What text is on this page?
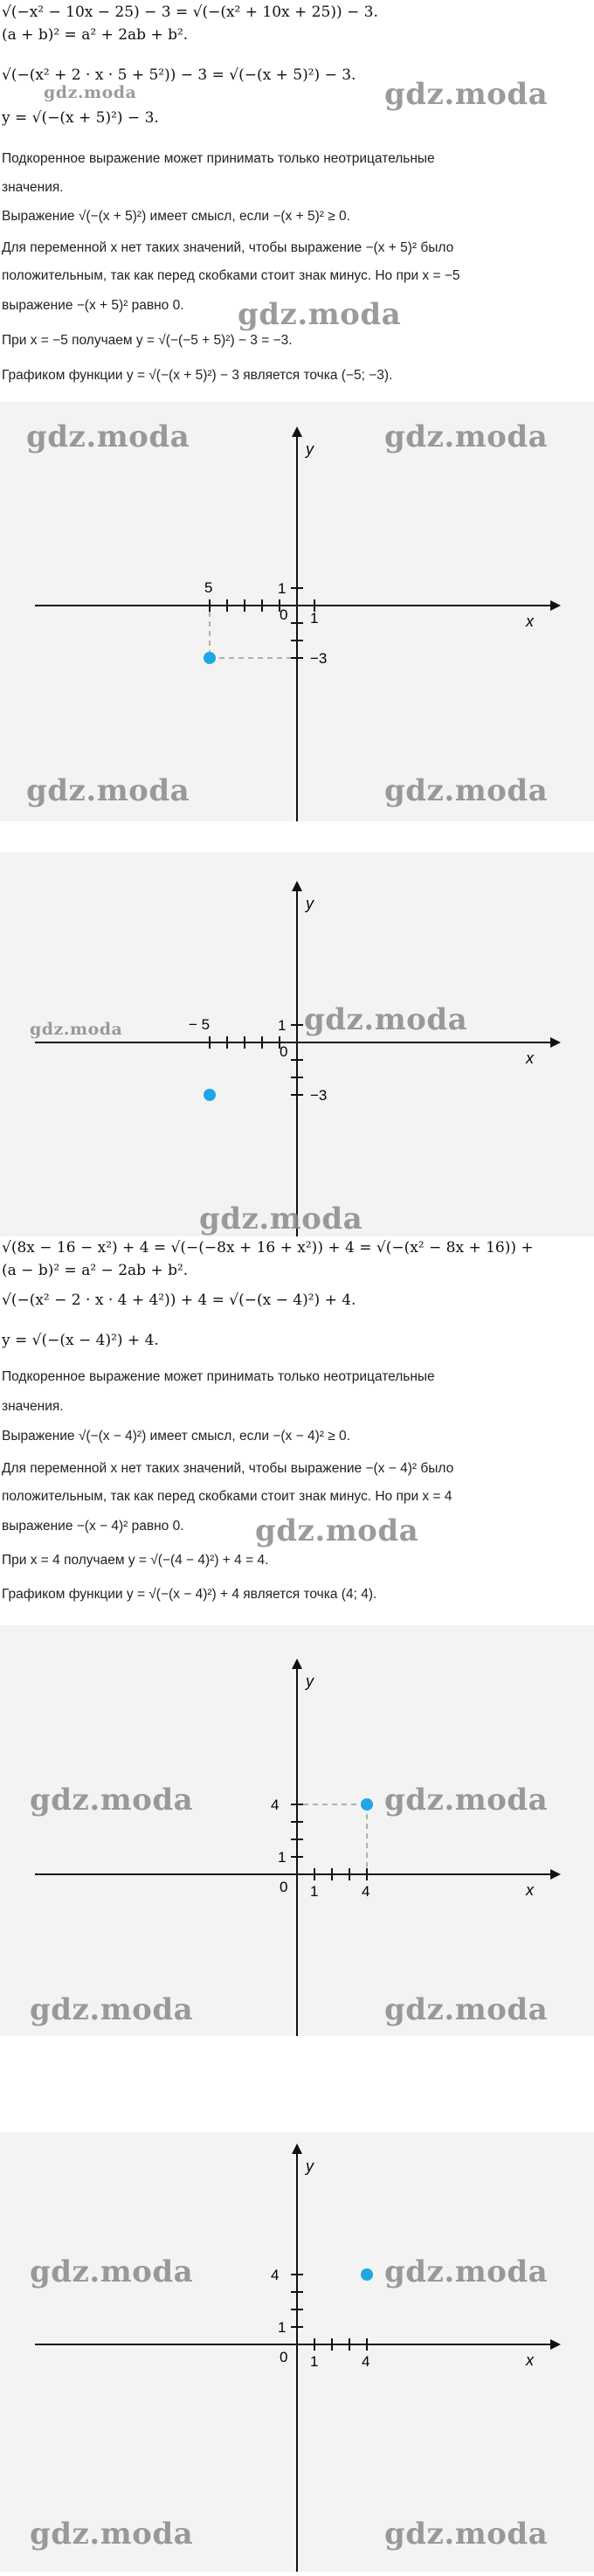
√(−x² − 10x − 25) − 3 = √(−(x² + 10x + 25)) − 3.
(a + b)² = a² + 2ab + b².
√(−(x² + 2 · x · 5 + 5²)) − 3 = √(−(x + 5)²) − 3.
y = √(−(x + 5)²) − 3.
Подкоренное выражение может принимать только неотрицательные
значения.
Выражение √(−(x + 5)²) имеет смысл, если −(x + 5)² ≥ 0.
Для переменной x нет таких значений, чтобы выражение −(x + 5)² было
положительным, так как перед скобками стоит знак минус. Но при x = −5
выражение −(x + 5)² равно 0.
При x = −5 получаем y = √(−(−5 + 5)²) − 3 = −3.
Графиком функции y = √(−(x + 5)²) − 3 является точка (−5; −3).
gdz.moda	gdz.moda
gdz.moda
y
x
5	1
0 1
−3
gdz.moda	gdz.moda
gdz.moda	gdz.moda
y
x
− 5	1
0
−3
gdz.moda	gdz.moda
gdz.moda
√(8x − 16 − x²) + 4 = √(−(−8x + 16 + x²)) + 4 = √(−(x² − 8x + 16)) +
(a − b)² = a² − 2ab + b².
√(−(x² − 2 · x · 4 + 4²)) + 4 = √(−(x − 4)²) + 4.
y = √(−(x − 4)²) + 4.
Подкоренное выражение может принимать только неотрицательные
значения.
Выражение √(−(x − 4)²) имеет смысл, если −(x − 4)² ≥ 0.
Для переменной x нет таких значений, чтобы выражение −(x − 4)² было
положительным, так как перед скобками стоит знак минус. Но при x = 4
выражение −(x − 4)² равно 0.
При x = 4 получаем y = √(−(4 − 4)²) + 4 = 4.
Графиком функции y = √(−(x − 4)²) + 4 является точка (4; 4).
gdz.moda
y
x
4
1
0 1	4
gdz.moda	gdz.moda
gdz.moda	gdz.moda
y
x
4
1
0 1	4
gdz.moda	gdz.moda
gdz.moda	gdz.moda
